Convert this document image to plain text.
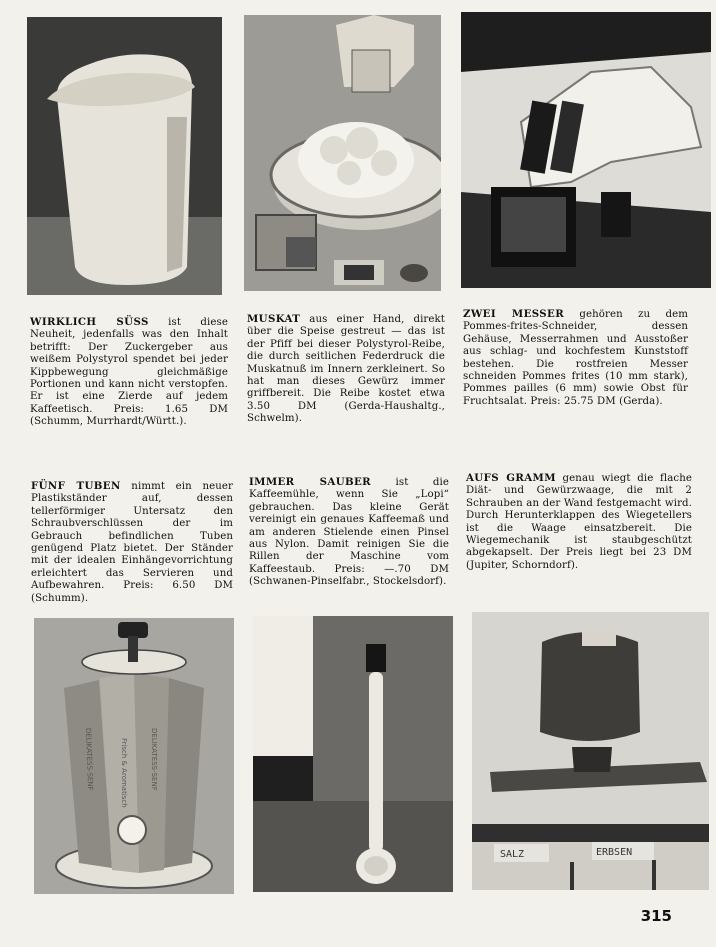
WIRKLICH SÜSS ist diese Neuheit, jedenfalls was den Inhalt betrifft: Der Zuckergeber aus weißem Polystyrol spendet bei jeder Kippbewegung gleichmäßige Portionen und kann nicht verstopfen. Er ist eine Zierde auf jedem Kaffeetisch. Preis: 1.65 DM (Schumm, Murrhardt/Württ.).

MUSKAT aus einer Hand, direkt über die Speise gestreut — das ist der Pfiff bei dieser Polystyrol-Reibe, die durch seitlichen Federdruck die Muskatnuß im Innern zerkleinert. So hat man dieses Gewürz immer griffbereit. Die Reibe kostet etwa 3.50 DM (Gerda-Haushaltg., Schwelm).

ZWEI MESSER gehören zu dem Pommes-frites-Schneider, dessen Gehäuse, Messerrahmen und Ausstoßer aus schlag- und kochfestem Kunststoff bestehen. Die rostfreien Messer schneiden Pommes frites (10 mm stark), Pommes pailles (6 mm) sowie Obst für Fruchtsalat. Preis: 25.75 DM (Gerda).

FÜNF TUBEN nimmt ein neuer Plastikständer auf, dessen tellerförmiger Untersatz den Schraubverschlüssen der im Gebrauch befindlichen Tuben genügend Platz bietet. Der Ständer mit der idealen Einhängevorrichtung erleichtert das Servieren und Aufbewahren. Preis: 6.50 DM (Schumm).

IMMER SAUBER ist die Kaffeemühle, wenn Sie „Lopi“ gebrauchen. Das kleine Gerät vereinigt ein genaues Kaffeemaß und am anderen Stielende einen Pinsel aus Nylon. Damit reinigen Sie die Rillen der Maschine vom Kaffeestaub. Preis: —.70 DM (Schwanen-Pinselfabr., Stockelsdorf).

AUFS GRAMM genau wiegt die flache Diät- und Gewürzwaage, die mit 2 Schrauben an der Wand festgemacht wird. Durch Herunterklappen des Wiegetellers ist die Waage einsatzbereit. Die Wiegemechanik ist staubgeschützt abgekapselt. Der Preis liegt bei 23 DM (Jupiter, Schorndorf).

DELIKATESS-SENF	Frisch & Aromatisch	DELIKATESS-SENF
SALZ	ERBSEN
315
